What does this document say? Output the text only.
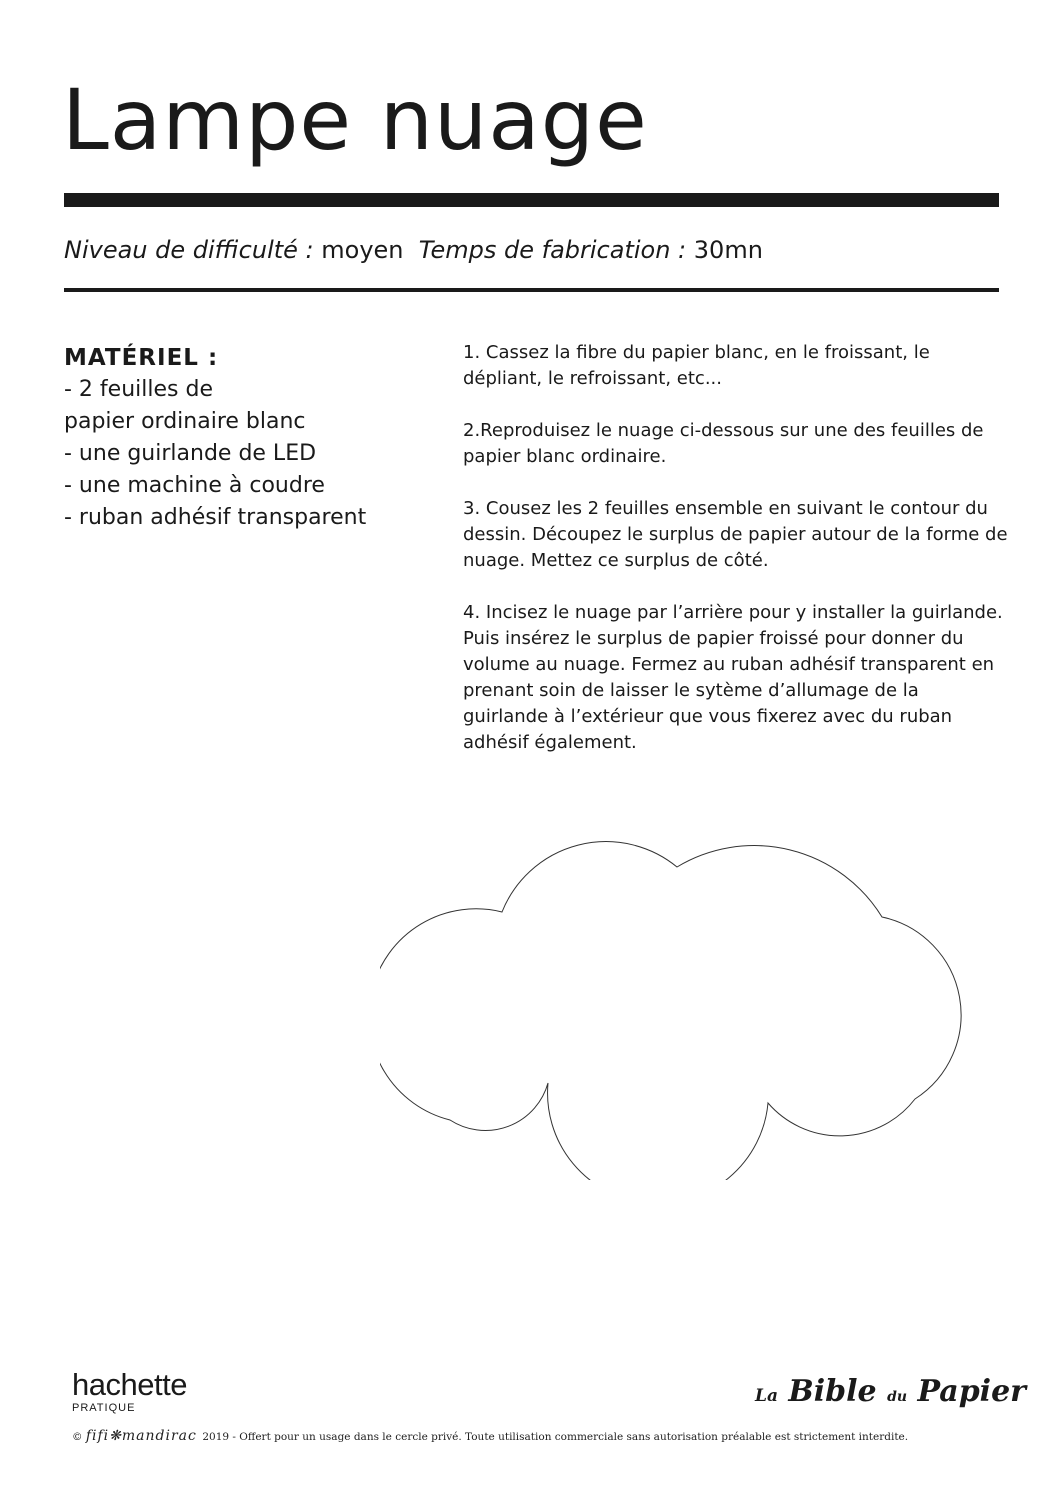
Lampe nuage
Niveau de difficulté : moyen Temps de fabrication : 30mn
MATÉRIEL :
- 2 feuilles de
papier ordinaire blanc
- une guirlande de LED
- une machine à coudre
- ruban adhésif transparent

1. Cassez la fibre du papier blanc, en le froissant, le dépliant, le refroissant, etc...

2.Reproduisez le nuage ci-dessous sur une des feuilles de papier blanc ordinaire.

3. Cousez les 2 feuilles ensemble en suivant le contour du dessin. Découpez le surplus de papier autour de la forme de nuage. Mettez ce surplus de côté.

4. Incisez le nuage par l’arrière pour y installer la guirlande. Puis insérez le surplus de papier froissé pour donner du volume au nuage. Fermez au ruban adhésif transparent en prenant soin de laisser le sytème d’allumage de la guirlande à l’extérieur que vous fixerez avec du ruban adhésif également.

hachette
PRATIQUE
La Bible du Papier
© fifi❋mandirac 2019 - Offert pour un usage dans le cercle privé. Toute utilisation commerciale sans autorisation préalable est strictement interdite.
